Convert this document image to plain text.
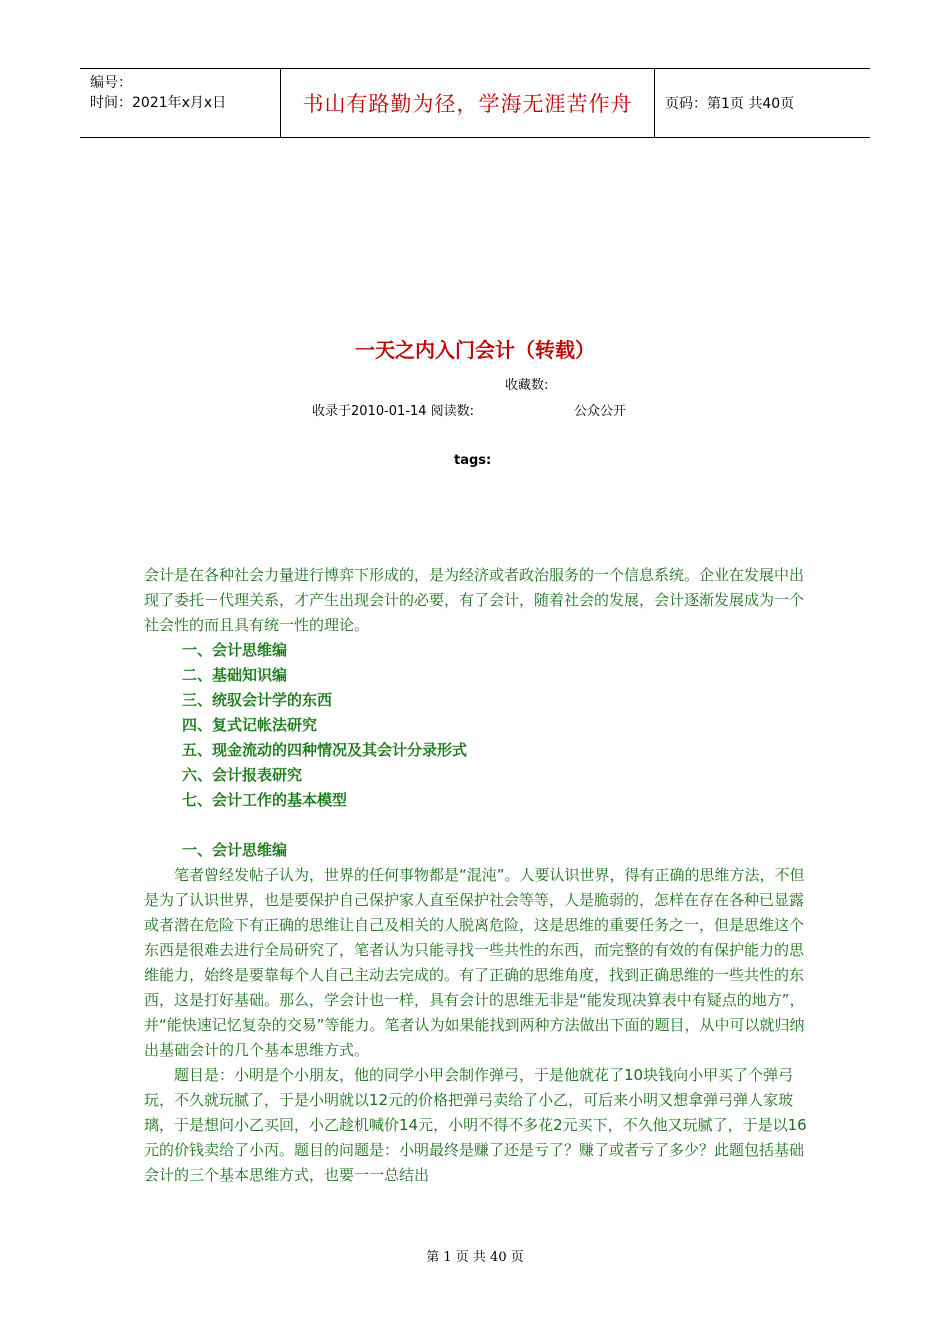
编号：
时间：2021年x月x日	书山有路勤为径，学海无涯苦作舟 页码：第1页 共40页
一天之内入门会计（转载）
收藏数:
收录于2010-01-14 阅读数:	公众公开
tags:

会计是在各种社会力量进行博弈下形成的，是为经济或者政治服务的一个信息系统。企业在发展中出现了委托－代理关系，才产生出现会计的必要，有了会计，随着社会的发展，会计逐渐发展成为一个社会性的而且具有统一性的理论。

一、会计思维编
二、基础知识编
三、统驭会计学的东西
四、复式记帐法研究
五、现金流动的四种情况及其会计分录形式
六、会计报表研究
七、会计工作的基本模型
一、会计思维编

笔者曾经发帖子认为，世界的任何事物都是“混沌”。人要认识世界，得有正确的思维方法，不但是为了认识世界，也是要保护自己保护家人直至保护社会等等，人是脆弱的，怎样在存在各种已显露或者潜在危险下有正确的思维让自己及相关的人脱离危险，这是思维的重要任务之一，但是思维这个东西是很难去进行全局研究了，笔者认为只能寻找一些共性的东西，而完整的有效的有保护能力的思维能力，始终是要靠每个人自己主动去完成的。有了正确的思维角度，找到正确思维的一些共性的东西，这是打好基础。那么，学会计也一样，具有会计的思维无非是“能发现决算表中有疑点的地方”，并“能快速记忆复杂的交易”等能力。笔者认为如果能找到两种方法做出下面的题目，从中可以就归纳出基础会计的几个基本思维方式。

题目是：小明是个小朋友，他的同学小甲会制作弹弓，于是他就花了10块钱向小甲买了个弹弓玩，不久就玩腻了，于是小明就以12元的价格把弹弓卖给了小乙，可后来小明又想拿弹弓弹人家玻璃，于是想问小乙买回，小乙趁机喊价14元，小明不得不多花2元买下，不久他又玩腻了，于是以16元的价钱卖给了小丙。题目的问题是：小明最终是赚了还是亏了？赚了或者亏了多少？此题包括基础会计的三个基本思维方式，也要一一总结出

第 1 页 共 40 页
